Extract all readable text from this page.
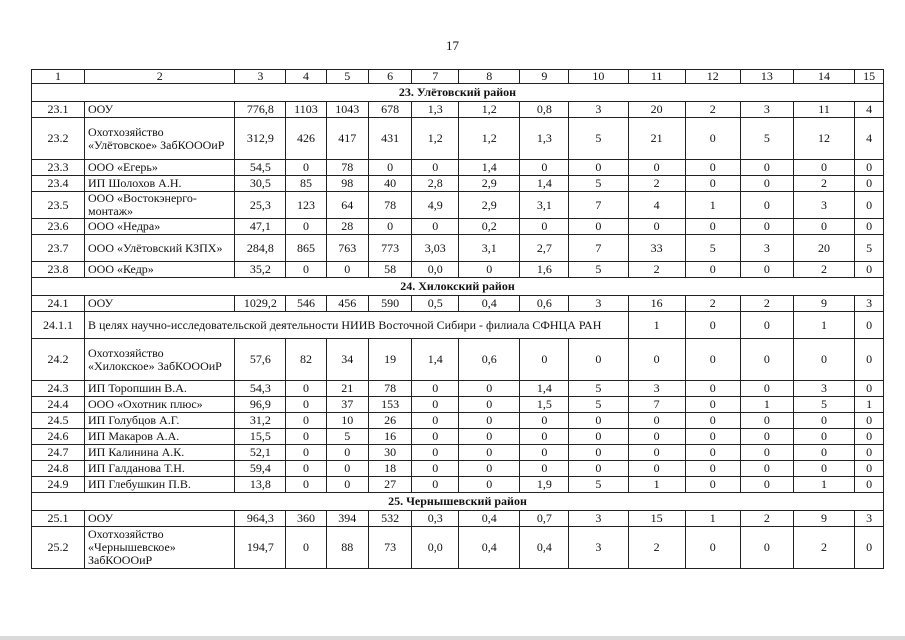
17
1	2	3	4	5	6	7	8	9	10	11	12	13	14	15
23. Улётовский район														
23.1	ООУ	776,8	1103	1043	678	1,3	1,2	0,8	3	20	2	3	11	4
23.2	Охотхозяйство «Улётовское» ЗабКОООиР	312,9	426	417	431	1,2	1,2	1,3	5	21	0	5	12	4
23.3	ООО «Егерь»	54,5	0	78	0	0	1,4	0	0	0	0	0	0	0
23.4	ИП Шолохов А.Н.	30,5	85	98	40	2,8	2,9	1,4	5	2	0	0	2	0
23.5	ООО «Востокэнерго-монтаж»	25,3	123	64	78	4,9	2,9	3,1	7	4	1	0	3	0
23.6	ООО «Недра»	47,1	0	28	0	0	0,2	0	0	0	0	0	0	0
23.7	ООО «Улётовский КЗПХ»	284,8	865	763	773	3,03	3,1	2,7	7	33	5	3	20	5
23.8	ООО «Кедр»	35,2	0	0	58	0,0	0	1,6	5	2	0	0	2	0
24. Хилокский район														
24.1	ООУ	1029,2	546	456	590	0,5	0,4	0,6	3	16	2	2	9	3
24.1.1	В целях научно-исследовательской деятельности НИИВ Восточной Сибири - филиала СФНЦА РАН									1	0	0	1	0
24.2	Охотхозяйство «Хилокское» ЗабКОООиР	57,6	82	34	19	1,4	0,6	0	0	0	0	0	0	0
24.3	ИП Торопшин В.А.	54,3	0	21	78	0	0	1,4	5	3	0	0	3	0
24.4	ООО «Охотник плюс»	96,9	0	37	153	0	0	1,5	5	7	0	1	5	1
24.5	ИП Голубцов А.Г.	31,2	0	10	26	0	0	0	0	0	0	0	0	0
24.6	ИП Макаров А.А.	15,5	0	5	16	0	0	0	0	0	0	0	0	0
24.7	ИП Калинина А.К.	52,1	0	0	30	0	0	0	0	0	0	0	0	0
24.8	ИП Галданова Т.Н.	59,4	0	0	18	0	0	0	0	0	0	0	0	0
24.9	ИП Глебушкин П.В.	13,8	0	0	27	0	0	1,9	5	1	0	0	1	0
25. Чернышевский район														
25.1	ООУ	964,3	360	394	532	0,3	0,4	0,7	3	15	1	2	9	3
25.2	Охотхозяйство «Чернышевское» ЗабКОООиР	194,7	0	88	73	0,0	0,4	0,4	3	2	0	0	2	0
